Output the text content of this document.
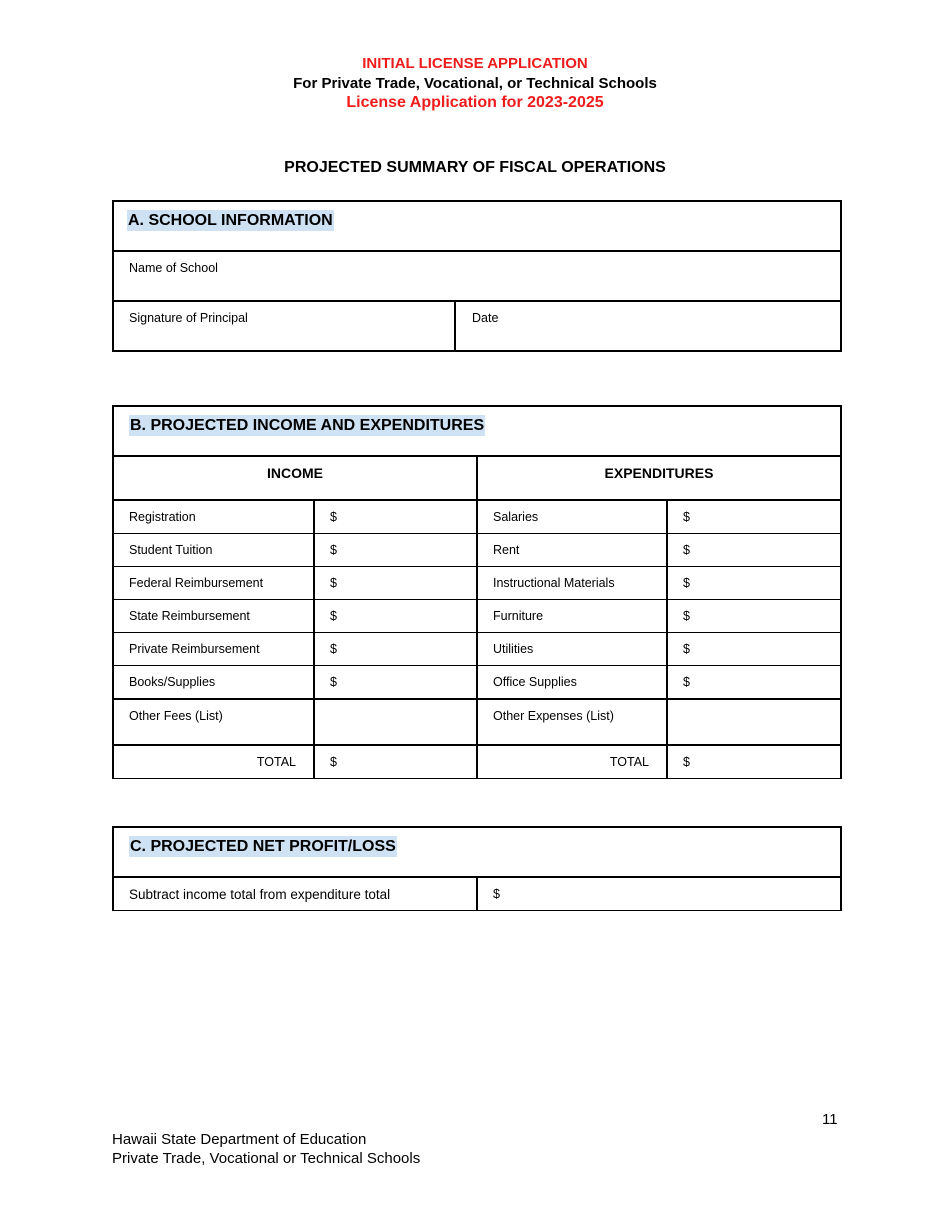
INITIAL LICENSE APPLICATION
For Private Trade, Vocational, or Technical Schools
License Application for 2023-2025
PROJECTED SUMMARY OF FISCAL OPERATIONS
A. SCHOOL INFORMATION
Name of School
Signature of Principal	Date
B. PROJECTED INCOME AND EXPENDITURES			
INCOME		EXPENDITURES	
Registration	$	Salaries	$
Student Tuition	$	Rent	$
Federal Reimbursement	$	Instructional Materials	$
State Reimbursement	$	Furniture	$
Private Reimbursement	$	Utilities	$
Books/Supplies	$	Office Supplies	$
Other Fees (List)		Other Expenses (List)	
TOTAL	$	TOTAL	$
C. PROJECTED NET PROFIT/LOSS
Subtract income total from expenditure total	$
11
Hawaii State Department of Education
Private Trade, Vocational or Technical Schools
